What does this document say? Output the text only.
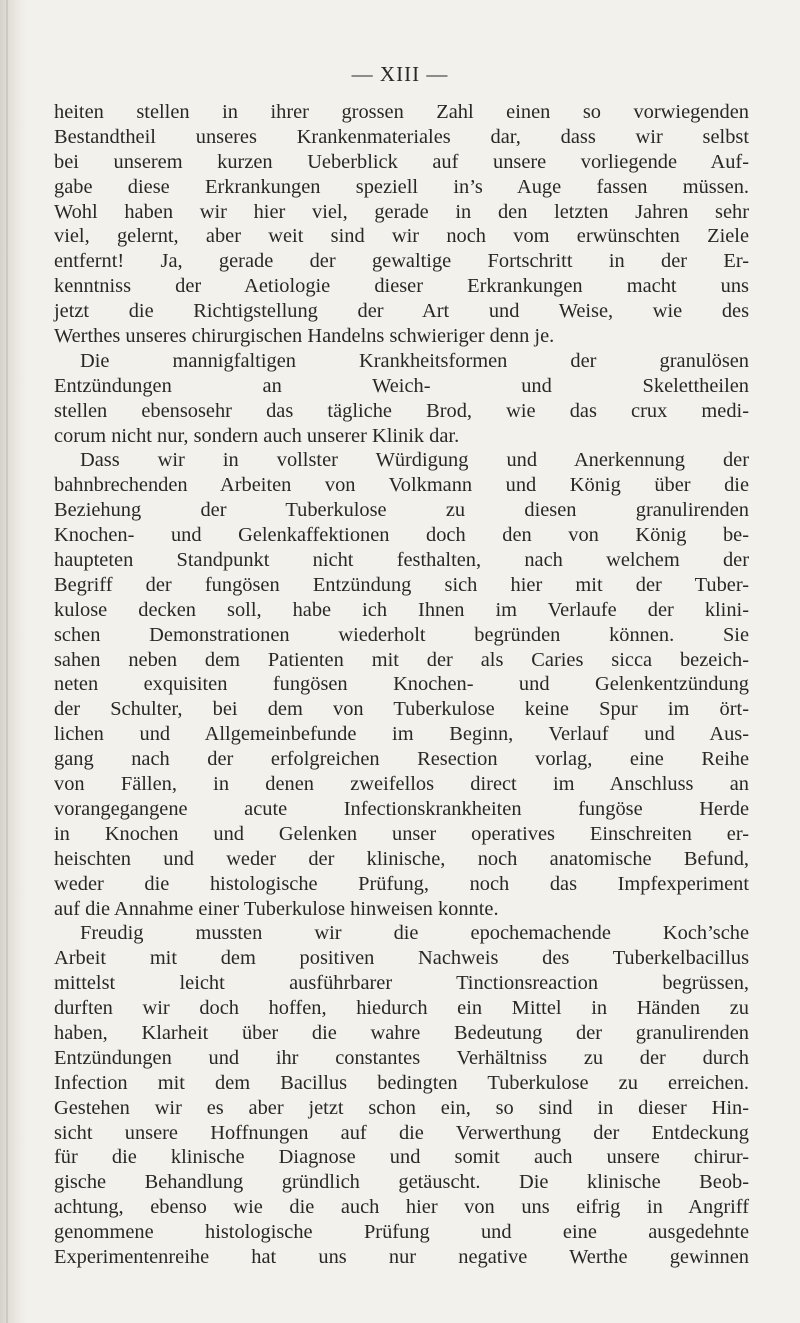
— XIII —
heiten stellen in ihrer grossen Zahl einen so vorwiegenden
Bestandtheil unseres Krankenmateriales dar, dass wir selbst
bei unserem kurzen Ueberblick auf unsere vorliegende Auf-
gabe diese Erkrankungen speziell in’s Auge fassen müssen.
Wohl haben wir hier viel, gerade in den letzten Jahren sehr
viel, gelernt, aber weit sind wir noch vom erwünschten Ziele
entfernt! Ja, gerade der gewaltige Fortschritt in der Er-
kenntniss der Aetiologie dieser Erkrankungen macht uns
jetzt die Richtigstellung der Art und Weise, wie des
Werthes unseres chirurgischen Handelns schwieriger denn je.
Die mannigfaltigen Krankheitsformen der granulösen
Entzündungen an Weich- und Skelettheilen
stellen ebensosehr das tägliche Brod, wie das crux medi-
corum nicht nur, sondern auch unserer Klinik dar.
Dass wir in vollster Würdigung und Anerkennung der
bahnbrechenden Arbeiten von Volkmann und König über die
Beziehung der Tuberkulose zu diesen granulirenden
Knochen- und Gelenkaffektionen doch den von König be-
haupteten Standpunkt nicht festhalten, nach welchem der
Begriff der fungösen Entzündung sich hier mit der Tuber-
kulose decken soll, habe ich Ihnen im Verlaufe der klini-
schen Demonstrationen wiederholt begründen können. Sie
sahen neben dem Patienten mit der als Caries sicca bezeich-
neten exquisiten fungösen Knochen- und Gelenkentzündung
der Schulter, bei dem von Tuberkulose keine Spur im ört-
lichen und Allgemeinbefunde im Beginn, Verlauf und Aus-
gang nach der erfolgreichen Resection vorlag, eine Reihe
von Fällen, in denen zweifellos direct im Anschluss an
vorangegangene acute Infectionskrankheiten fungöse Herde
in Knochen und Gelenken unser operatives Einschreiten er-
heischten und weder der klinische, noch anatomische Befund,
weder die histologische Prüfung, noch das Impfexperiment
auf die Annahme einer Tuberkulose hinweisen konnte.
Freudig mussten wir die epochemachende Koch’sche
Arbeit mit dem positiven Nachweis des Tuberkelbacillus
mittelst leicht ausführbarer Tinctionsreaction begrüssen,
durften wir doch hoffen, hiedurch ein Mittel in Händen zu
haben, Klarheit über die wahre Bedeutung der granulirenden
Entzündungen und ihr constantes Verhältniss zu der durch
Infection mit dem Bacillus bedingten Tuberkulose zu erreichen.
Gestehen wir es aber jetzt schon ein, so sind in dieser Hin-
sicht unsere Hoffnungen auf die Verwerthung der Entdeckung
für die klinische Diagnose und somit auch unsere chirur-
gische Behandlung gründlich getäuscht. Die klinische Beob-
achtung, ebenso wie die auch hier von uns eifrig in Angriff
genommene histologische Prüfung und eine ausgedehnte
Experimentenreihe hat uns nur negative Werthe gewinnen
